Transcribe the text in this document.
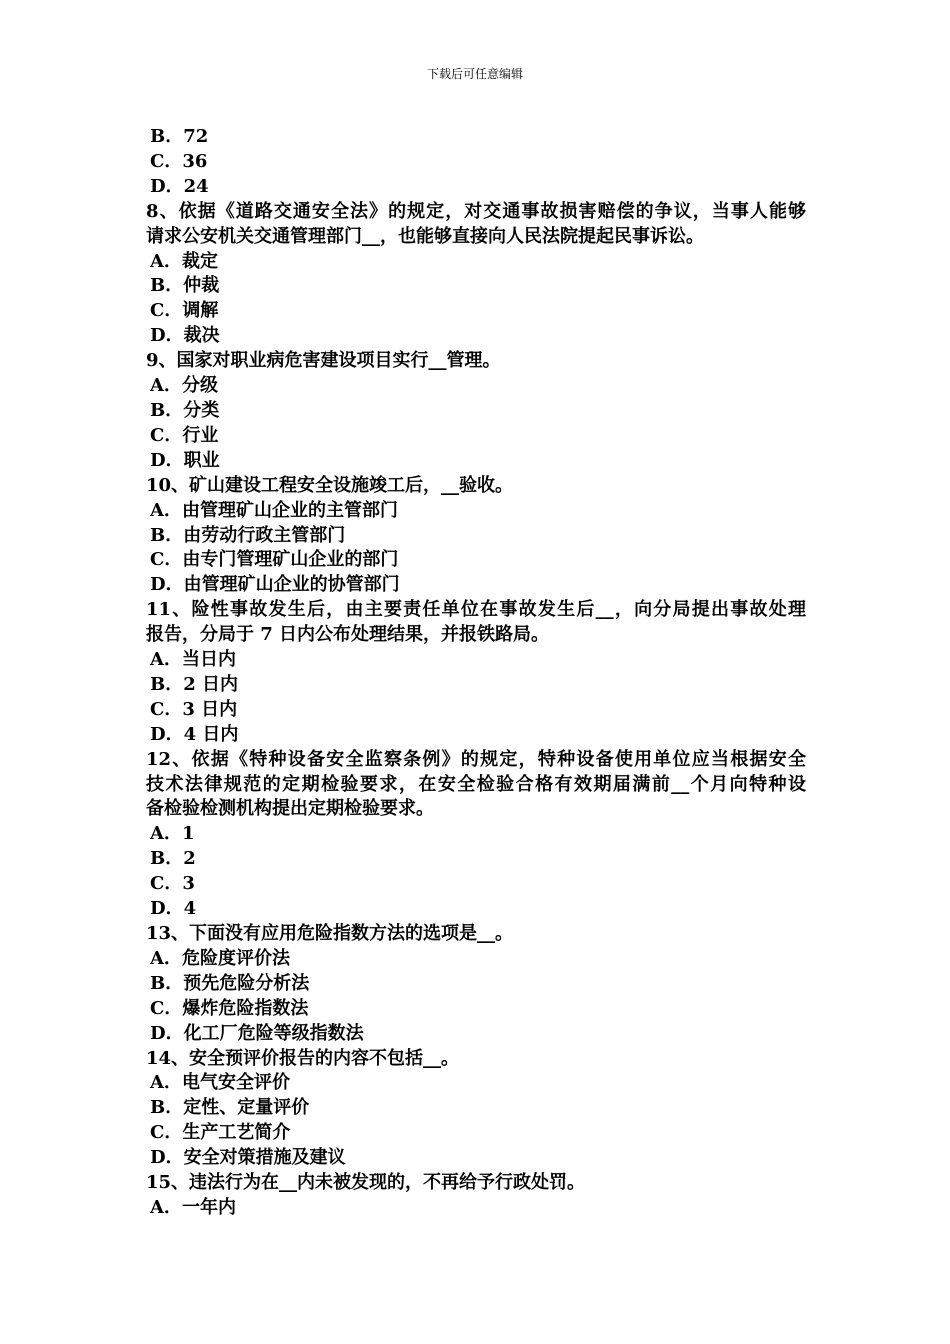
下载后可任意编辑
B．72
C．36
D．24
8、依据《道路交通安全法》的规定，对交通事故损害赔偿的争议，当事人能够
请求公安机关交通管理部门__，也能够直接向人民法院提起民事诉讼。
A．裁定
B．仲裁
C．调解
D．裁决
9、国家对职业病危害建设项目实行__管理。
A．分级
B．分类
C．行业
D．职业
10、矿山建设工程安全设施竣工后，__验收。
A．由管理矿山企业的主管部门
B．由劳动行政主管部门
C．由专门管理矿山企业的部门
D．由管理矿山企业的协管部门
11、险性事故发生后，由主要责任单位在事故发生后__，向分局提出事故处理
报告，分局于 7 日内公布处理结果，并报铁路局。
A．当日内
B．2 日内
C．3 日内
D．4 日内
12、依据《特种设备安全监察条例》的规定，特种设备使用单位应当根据安全
技术法律规范的定期检验要求，在安全检验合格有效期届满前__个月向特种设
备检验检测机构提出定期检验要求。
A．1
B．2
C．3
D．4
13、下面没有应用危险指数方法的选项是__。
A．危险度评价法
B．预先危险分析法
C．爆炸危险指数法
D．化工厂危险等级指数法
14、安全预评价报告的内容不包括__。
A．电气安全评价
B．定性、定量评价
C．生产工艺简介
D．安全对策措施及建议
15、违法行为在__内未被发现的，不再给予行政处罚。
A．一年内
